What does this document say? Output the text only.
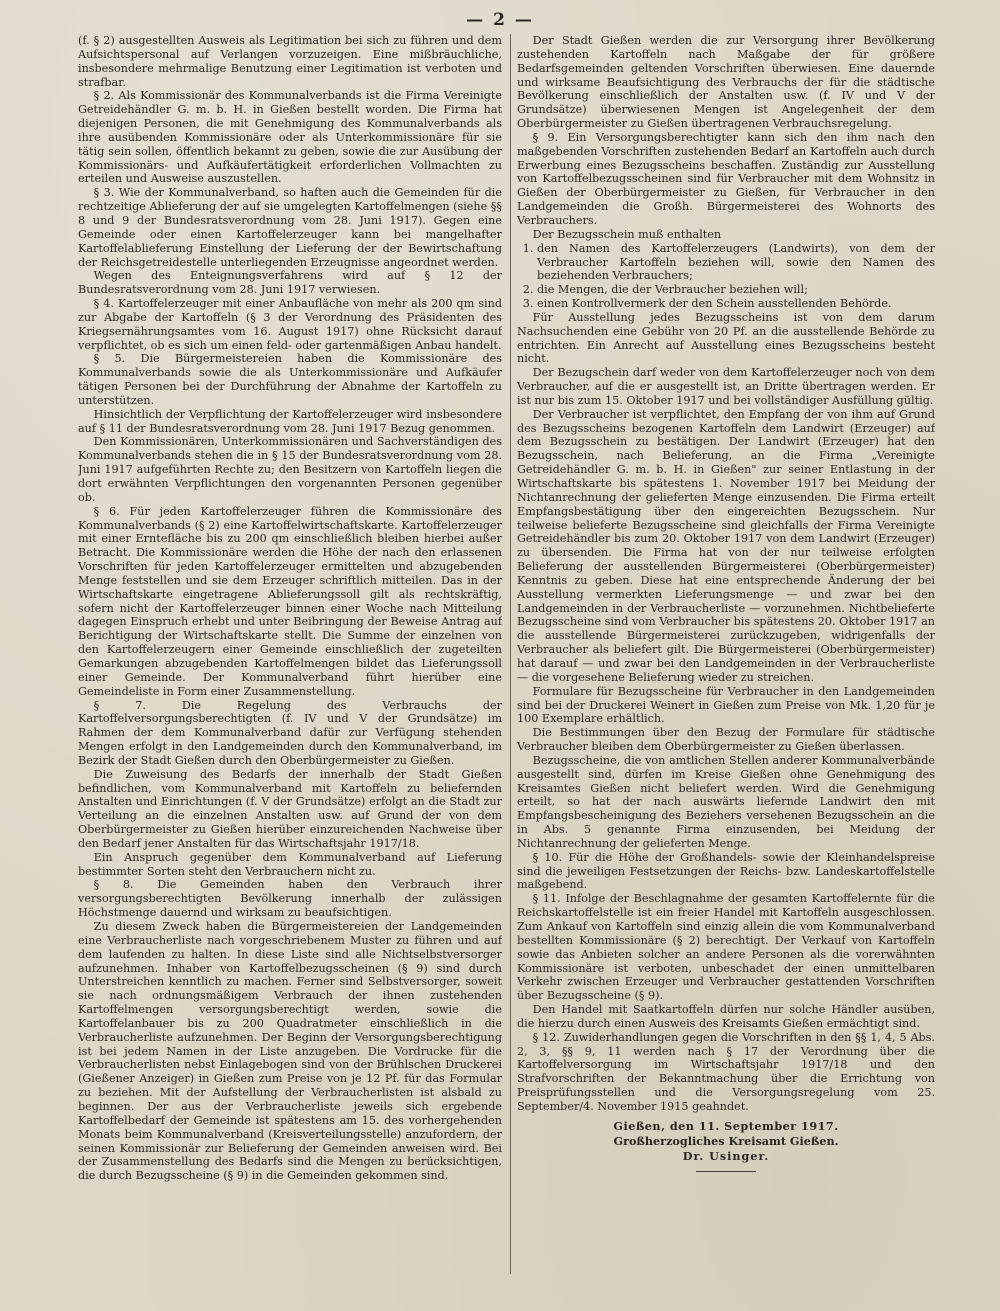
— 2 —

(f. § 2) ausgestellten Ausweis als Legitimation bei sich zu führen und dem Aufsichtspersonal auf Verlangen vorzuzeigen. Eine mißbräuchliche, insbesondere mehrmalige Benutzung einer Legitimation ist verboten und strafbar.

§ 2. Als Kommissionär des Kommunalverbands ist die Firma Vereinigte Getreidehändler G. m. b. H. in Gießen bestellt worden. Die Firma hat diejenigen Personen, die mit Genehmigung des Kommunalverbands als ihre ausübenden Kommissionäre oder als Unterkommissionäre für sie tätig sein sollen, öffentlich bekannt zu geben, sowie die zur Ausübung der Kommissionärs- und Aufkäufertätigkeit erforderlichen Vollmachten zu erteilen und Ausweise auszustellen.

§ 3. Wie der Kommunalverband, so haften auch die Gemeinden für die rechtzeitige Ablieferung der auf sie umgelegten Kartoffelmengen (siehe §§ 8 und 9 der Bundesratsverordnung vom 28. Juni 1917). Gegen eine Gemeinde oder einen Kartoffelerzeuger kann bei mangelhafter Kartoffelablieferung Einstellung der Lieferung der der Bewirtschaftung der Reichsgetreidestelle unterliegenden Erzeugnisse angeordnet werden.

Wegen des Enteignungsverfahrens wird auf § 12 der Bundesratsverordnung vom 28. Juni 1917 verwiesen.

§ 4. Kartoffelerzeuger mit einer Anbaufläche von mehr als 200 qm sind zur Abgabe der Kartoffeln (§ 3 der Verordnung des Präsidenten des Kriegsernährungsamtes vom 16. August 1917) ohne Rücksicht darauf verpflichtet, ob es sich um einen feld- oder gartenmäßigen Anbau handelt.

§ 5. Die Bürgermeistereien haben die Kommissionäre des Kommunalverbands sowie die als Unterkommissionäre und Aufkäufer tätigen Personen bei der Durchführung der Abnahme der Kartoffeln zu unterstützen.

Hinsichtlich der Verpflichtung der Kartoffelerzeuger wird insbesondere auf § 11 der Bundesratsverordnung vom 28. Juni 1917 Bezug genommen.

Den Kommissionären, Unterkommissionären und Sachverständigen des Kommunalverbands stehen die in § 15 der Bundesratsverordnung vom 28. Juni 1917 aufgeführten Rechte zu; den Besitzern von Kartoffeln liegen die dort erwähnten Verpflichtungen den vorgenannten Personen gegenüber ob.

§ 6. Für jeden Kartoffelerzeuger führen die Kommissionäre des Kommunalverbands (§ 2) eine Kartoffelwirtschaftskarte. Kartoffelerzeuger mit einer Erntefläche bis zu 200 qm einschließlich bleiben hierbei außer Betracht. Die Kommissionäre werden die Höhe der nach den erlassenen Vorschriften für jeden Kartoffelerzeuger ermittelten und abzugebenden Menge feststellen und sie dem Erzeuger schriftlich mitteilen. Das in der Wirtschaftskarte eingetragene Ablieferungssoll gilt als rechtskräftig, sofern nicht der Kartoffelerzeuger binnen einer Woche nach Mitteilung dagegen Einspruch erhebt und unter Beibringung der Beweise Antrag auf Berichtigung der Wirtschaftskarte stellt. Die Summe der einzelnen von den Kartoffelerzeugern einer Gemeinde einschließlich der zugeteilten Gemarkungen abzugebenden Kartoffelmengen bildet das Lieferungssoll einer Gemeinde. Der Kommunalverband führt hierüber eine Gemeindeliste in Form einer Zusammenstellung.

§ 7. Die Regelung des Verbrauchs der Kartoffelversorgungsberechtigten (f. IV und V der Grundsätze) im Rahmen der dem Kommunalverband dafür zur Verfügung stehenden Mengen erfolgt in den Landgemeinden durch den Kommunalverband, im Bezirk der Stadt Gießen durch den Oberbürgermeister zu Gießen.

Die Zuweisung des Bedarfs der innerhalb der Stadt Gießen befindlichen, vom Kommunalverband mit Kartoffeln zu beliefernden Anstalten und Einrichtungen (f. V der Grundsätze) erfolgt an die Stadt zur Verteilung an die einzelnen Anstalten usw. auf Grund der von dem Oberbürgermeister zu Gießen hierüber einzureichenden Nachweise über den Bedarf jener Anstalten für das Wirtschaftsjahr 1917/18.

Ein Anspruch gegenüber dem Kommunalverband auf Lieferung bestimmter Sorten steht den Verbrauchern nicht zu.

§ 8. Die Gemeinden haben den Verbrauch ihrer versorgungsberechtigten Bevölkerung innerhalb der zulässigen Höchstmenge dauernd und wirksam zu beaufsichtigen.

Zu diesem Zweck haben die Bürgermeistereien der Landgemeinden eine Verbraucherliste nach vorgeschriebenem Muster zu führen und auf dem laufenden zu halten. In diese Liste sind alle Nichtselbstversorger aufzunehmen. Inhaber von Kartoffelbezugsscheinen (§ 9) sind durch Unterstreichen kenntlich zu machen. Ferner sind Selbstversorger, soweit sie nach ordnungsmäßigem Verbrauch der ihnen zustehenden Kartoffelmengen versorgungsberechtigt werden, sowie die Kartoffelanbauer bis zu 200 Quadratmeter einschließlich in die Verbraucherliste aufzunehmen. Der Beginn der Versorgungsberechtigung ist bei jedem Namen in der Liste anzugeben. Die Vordrucke für die Verbraucherlisten nebst Einlagebogen sind von der Brühlschen Druckerei (Gießener Anzeiger) in Gießen zum Preise von je 12 Pf. für das Formular zu beziehen. Mit der Aufstellung der Verbraucherlisten ist alsbald zu beginnen. Der aus der Verbraucherliste jeweils sich ergebende Kartoffelbedarf der Gemeinde ist spätestens am 15. des vorhergehenden Monats beim Kommunalverband (Kreisverteilungsstelle) anzufordern, der seinen Kommissionär zur Belieferung der Gemeinden anweisen wird. Bei der Zusammenstellung des Bedarfs sind die Mengen zu berücksichtigen, die durch Bezugsscheine (§ 9) in die Gemeinden gekommen sind.

Der Stadt Gießen werden die zur Versorgung ihrer Bevölkerung zustehenden Kartoffeln nach Maßgabe der für größere Bedarfsgemeinden geltenden Vorschriften überwiesen. Eine dauernde und wirksame Beaufsichtigung des Verbrauchs der für die städtische Bevölkerung einschließlich der Anstalten usw. (f. IV und V der Grundsätze) überwiesenen Mengen ist Angelegenheit der dem Oberbürgermeister zu Gießen übertragenen Verbrauchsregelung.

§ 9. Ein Versorgungsberechtigter kann sich den ihm nach den maßgebenden Vorschriften zustehenden Bedarf an Kartoffeln auch durch Erwerbung eines Bezugsscheins beschaffen. Zuständig zur Ausstellung von Kartoffelbezugsscheinen sind für Verbraucher mit dem Wohnsitz in Gießen der Oberbürgermeister zu Gießen, für Verbraucher in den Landgemeinden die Großh. Bürgermeisterei des Wohnorts des Verbrauchers.

Der Bezugsschein muß enthalten

1. den Namen des Kartoffelerzeugers (Landwirts), von dem der Verbraucher Kartoffeln beziehen will, sowie den Namen des beziehenden Verbrauchers;
2. die Mengen, die der Verbraucher beziehen will;
3. einen Kontrollvermerk der den Schein ausstellenden Behörde.

Für Ausstellung jedes Bezugsscheins ist von dem darum Nachsuchenden eine Gebühr von 20 Pf. an die ausstellende Behörde zu entrichten. Ein Anrecht auf Ausstellung eines Bezugsscheins besteht nicht.

Der Bezugschein darf weder von dem Kartoffelerzeuger noch von dem Verbraucher, auf die er ausgestellt ist, an Dritte übertragen werden. Er ist nur bis zum 15. Oktober 1917 und bei vollständiger Ausfüllung gültig.

Der Verbraucher ist verpflichtet, den Empfang der von ihm auf Grund des Bezugsscheins bezogenen Kartoffeln dem Landwirt (Erzeuger) auf dem Bezugsschein zu bestätigen. Der Landwirt (Erzeuger) hat den Bezugsschein, nach Belieferung, an die Firma „Vereinigte Getreidehändler G. m. b. H. in Gießen" zur seiner Entlastung in der Wirtschaftskarte bis spätestens 1. November 1917 bei Meidung der Nichtanrechnung der gelieferten Menge einzusenden. Die Firma erteilt Empfangsbestätigung über den eingereichten Bezugsschein. Nur teilweise belieferte Bezugsscheine sind gleichfalls der Firma Vereinigte Getreidehändler bis zum 20. Oktober 1917 von dem Landwirt (Erzeuger) zu übersenden. Die Firma hat von der nur teilweise erfolgten Belieferung der ausstellenden Bürgermeisterei (Oberbürgermeister) Kenntnis zu geben. Diese hat eine entsprechende Änderung der bei Ausstellung vermerkten Lieferungsmenge — und zwar bei den Landgemeinden in der Verbraucherliste — vorzunehmen. Nichtbelieferte Bezugsscheine sind vom Verbraucher bis spätestens 20. Oktober 1917 an die ausstellende Bürgermeisterei zurückzugeben, widrigenfalls der Verbraucher als beliefert gilt. Die Bürgermeisterei (Oberbürgermeister) hat darauf — und zwar bei den Landgemeinden in der Verbraucherliste — die vorgesehene Belieferung wieder zu streichen.

Formulare für Bezugsscheine für Verbraucher in den Landgemeinden sind bei der Druckerei Weinert in Gießen zum Preise von Mk. 1,20 für je 100 Exemplare erhältlich.

Die Bestimmungen über den Bezug der Formulare für städtische Verbraucher bleiben dem Oberbürgermeister zu Gießen überlassen.

Bezugsscheine, die von amtlichen Stellen anderer Kommunalverbände ausgestellt sind, dürfen im Kreise Gießen ohne Genehmigung des Kreisamtes Gießen nicht beliefert werden. Wird die Genehmigung erteilt, so hat der nach auswärts liefernde Landwirt den mit Empfangsbescheinigung des Beziehers versehenen Bezugsschein an die in Abs. 5 genannte Firma einzusenden, bei Meidung der Nichtanrechnung der gelieferten Menge.

§ 10. Für die Höhe der Großhandels- sowie der Kleinhandelspreise sind die jeweiligen Festsetzungen der Reichs- bzw. Landeskartoffelstelle maßgebend.

§ 11. Infolge der Beschlagnahme der gesamten Kartoffelernte für die Reichskartoffelstelle ist ein freier Handel mit Kartoffeln ausgeschlossen. Zum Ankauf von Kartoffeln sind einzig allein die vom Kommunalverband bestellten Kommissionäre (§ 2) berechtigt. Der Verkauf von Kartoffeln sowie das Anbieten solcher an andere Personen als die vorerwähnten Kommissionäre ist verboten, unbeschadet der einen unmittelbaren Verkehr zwischen Erzeuger und Verbraucher gestattenden Vorschriften über Bezugsscheine (§ 9).

Den Handel mit Saatkartoffeln dürfen nur solche Händler ausüben, die hierzu durch einen Ausweis des Kreisamts Gießen ermächtigt sind.

§ 12. Zuwiderhandlungen gegen die Vorschriften in den §§ 1, 4, 5 Abs. 2, 3, §§ 9, 11 werden nach § 17 der Verordnung über die Kartoffelversorgung im Wirtschaftsjahr 1917/18 und den Strafvorschriften der Bekanntmachung über die Errichtung von Preisprüfungsstellen und die Versorgungsregelung vom 25. September/4. November 1915 geahndet.

Gießen, den 11. September 1917.
Großherzogliches Kreisamt Gießen.
Dr. Usinger.
